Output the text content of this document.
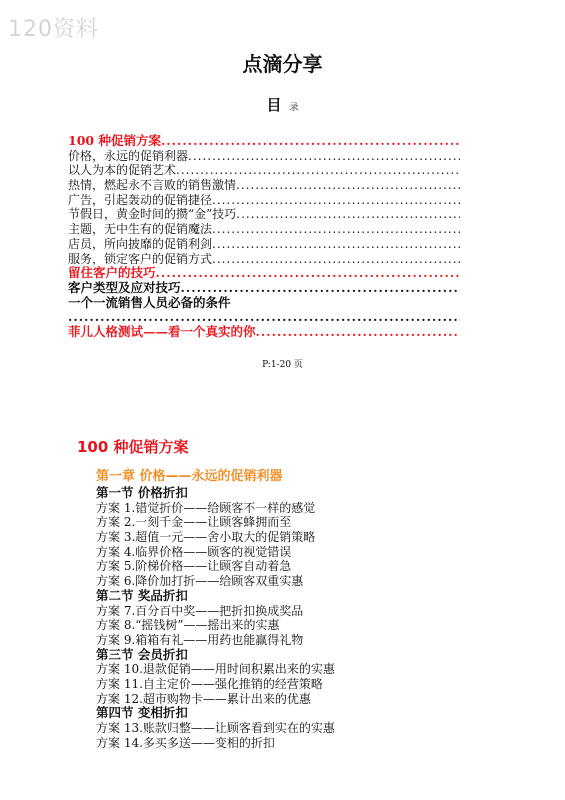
120资料
点滴分享
目录
100 种促销方案
.....
价格，永远的促销利器
.....
以人为本的促销艺术
.....
热情，燃起永不言败的销售激情
.....
广告，引起轰动的促销捷径
.....
节假日，黄金时间的攒“金”技巧
.....
主题，无中生有的促销魔法
.....
店员，所向披靡的促销利剑
.....
服务，锁定客户的促销方式
.....
留住客户的技巧
.....
客户类型及应对技巧
.....
一个一流销售人员必备的条件
.....
菲儿人格测试——看一个真实的你
.....
P:1-20 页
100 种促销方案
第一章 价格——永远的促销利器
第一节 价格折扣
方案 1.错觉折价——给顾客不一样的感觉
方案 2.一刻千金——让顾客蜂拥而至
方案 3.超值一元——舍小取大的促销策略
方案 4.临界价格——顾客的视觉错误
方案 5.阶梯价格——让顾客自动着急
方案 6.降价加打折——给顾客双重实惠
第二节 奖品折扣
方案 7.百分百中奖——把折扣换成奖品
方案 8.“摇钱树”——摇出来的实惠
方案 9.箱箱有礼——用药也能赢得礼物
第三节 会员折扣
方案 10.退款促销——用时间积累出来的实惠
方案 11.自主定价——强化推销的经营策略
方案 12.超市购物卡——累计出来的优惠
第四节 变相折扣
方案 13.账款归整——让顾客看到实在的实惠
方案 14.多买多送——变相的折扣
